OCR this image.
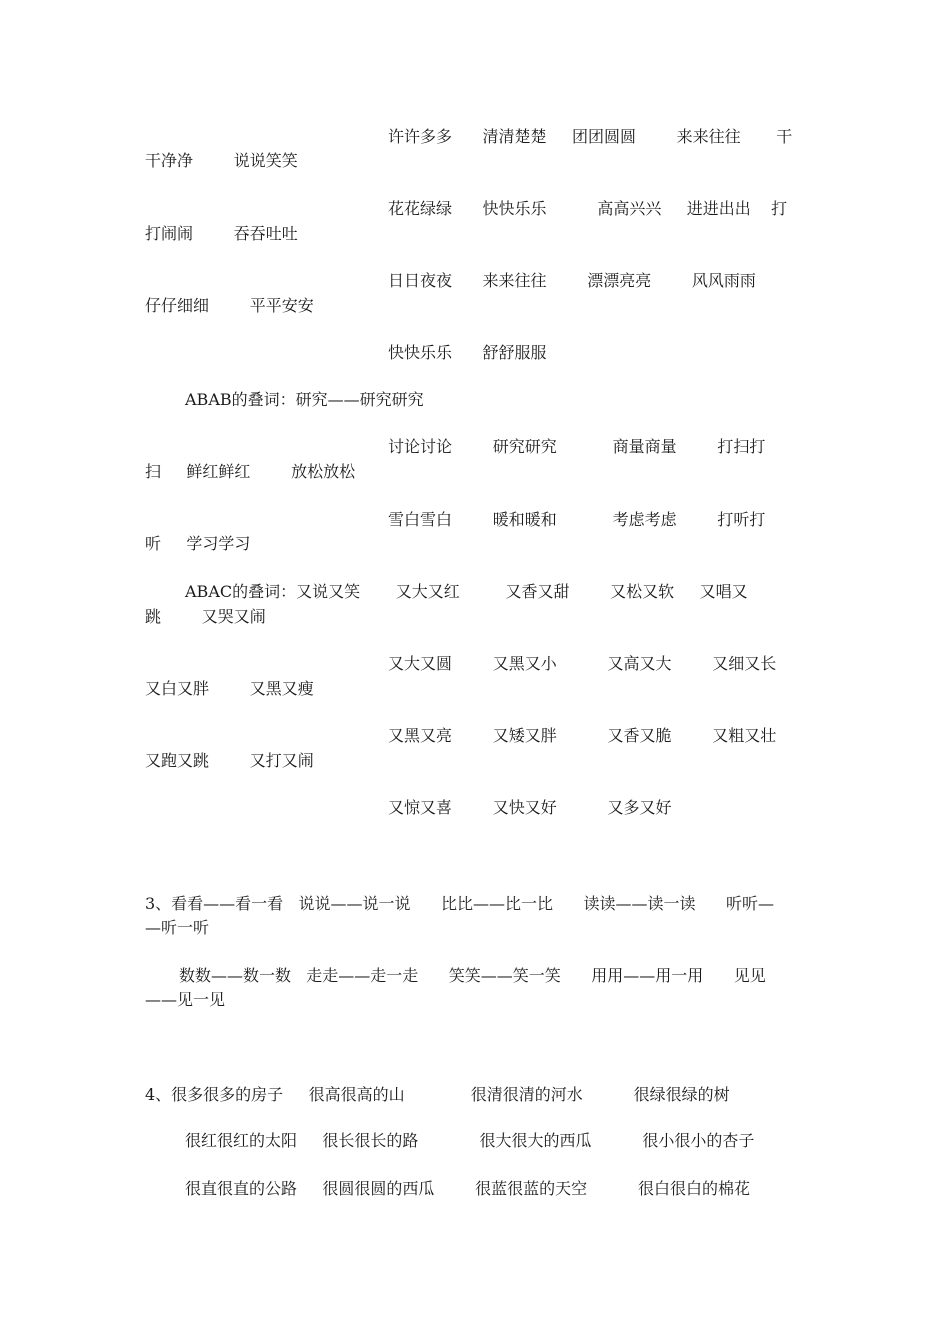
许许多多      清清楚楚     团团圆圆        来来往往       干
干净净        说说笑笑
花花绿绿      快快乐乐          高高兴兴     进进出出    打
打闹闹        吞吞吐吐
日日夜夜      来来往往        漂漂亮亮        风风雨雨
仔仔细细        平平安安
快快乐乐      舒舒服服
ABAB的叠词：研究——研究研究
讨论讨论        研究研究           商量商量        打扫打
扫     鲜红鲜红        放松放松
雪白雪白        暖和暖和           考虑考虑        打听打
听     学习学习
ABAC的叠词：又说又笑       又大又红         又香又甜        又松又软     又唱又
跳        又哭又闹
又大又圆        又黑又小          又高又大        又细又长
又白又胖        又黑又瘦
又黑又亮        又矮又胖          又香又脆        又粗又壮
又跑又跳        又打又闹
又惊又喜        又快又好          又多又好
3、看看——看一看   说说——说一说      比比——比一比      读读——读一读      听听—
—听一听
数数——数一数   走走——走一走      笑笑——笑一笑      用用——用一用      见见
——见一见
4、很多很多的房子     很高很高的山             很清很清的河水          很绿很绿的树
很红很红的太阳     很长很长的路            很大很大的西瓜          很小很小的杏子
很直很直的公路     很圆很圆的西瓜        很蓝很蓝的天空          很白很白的棉花
